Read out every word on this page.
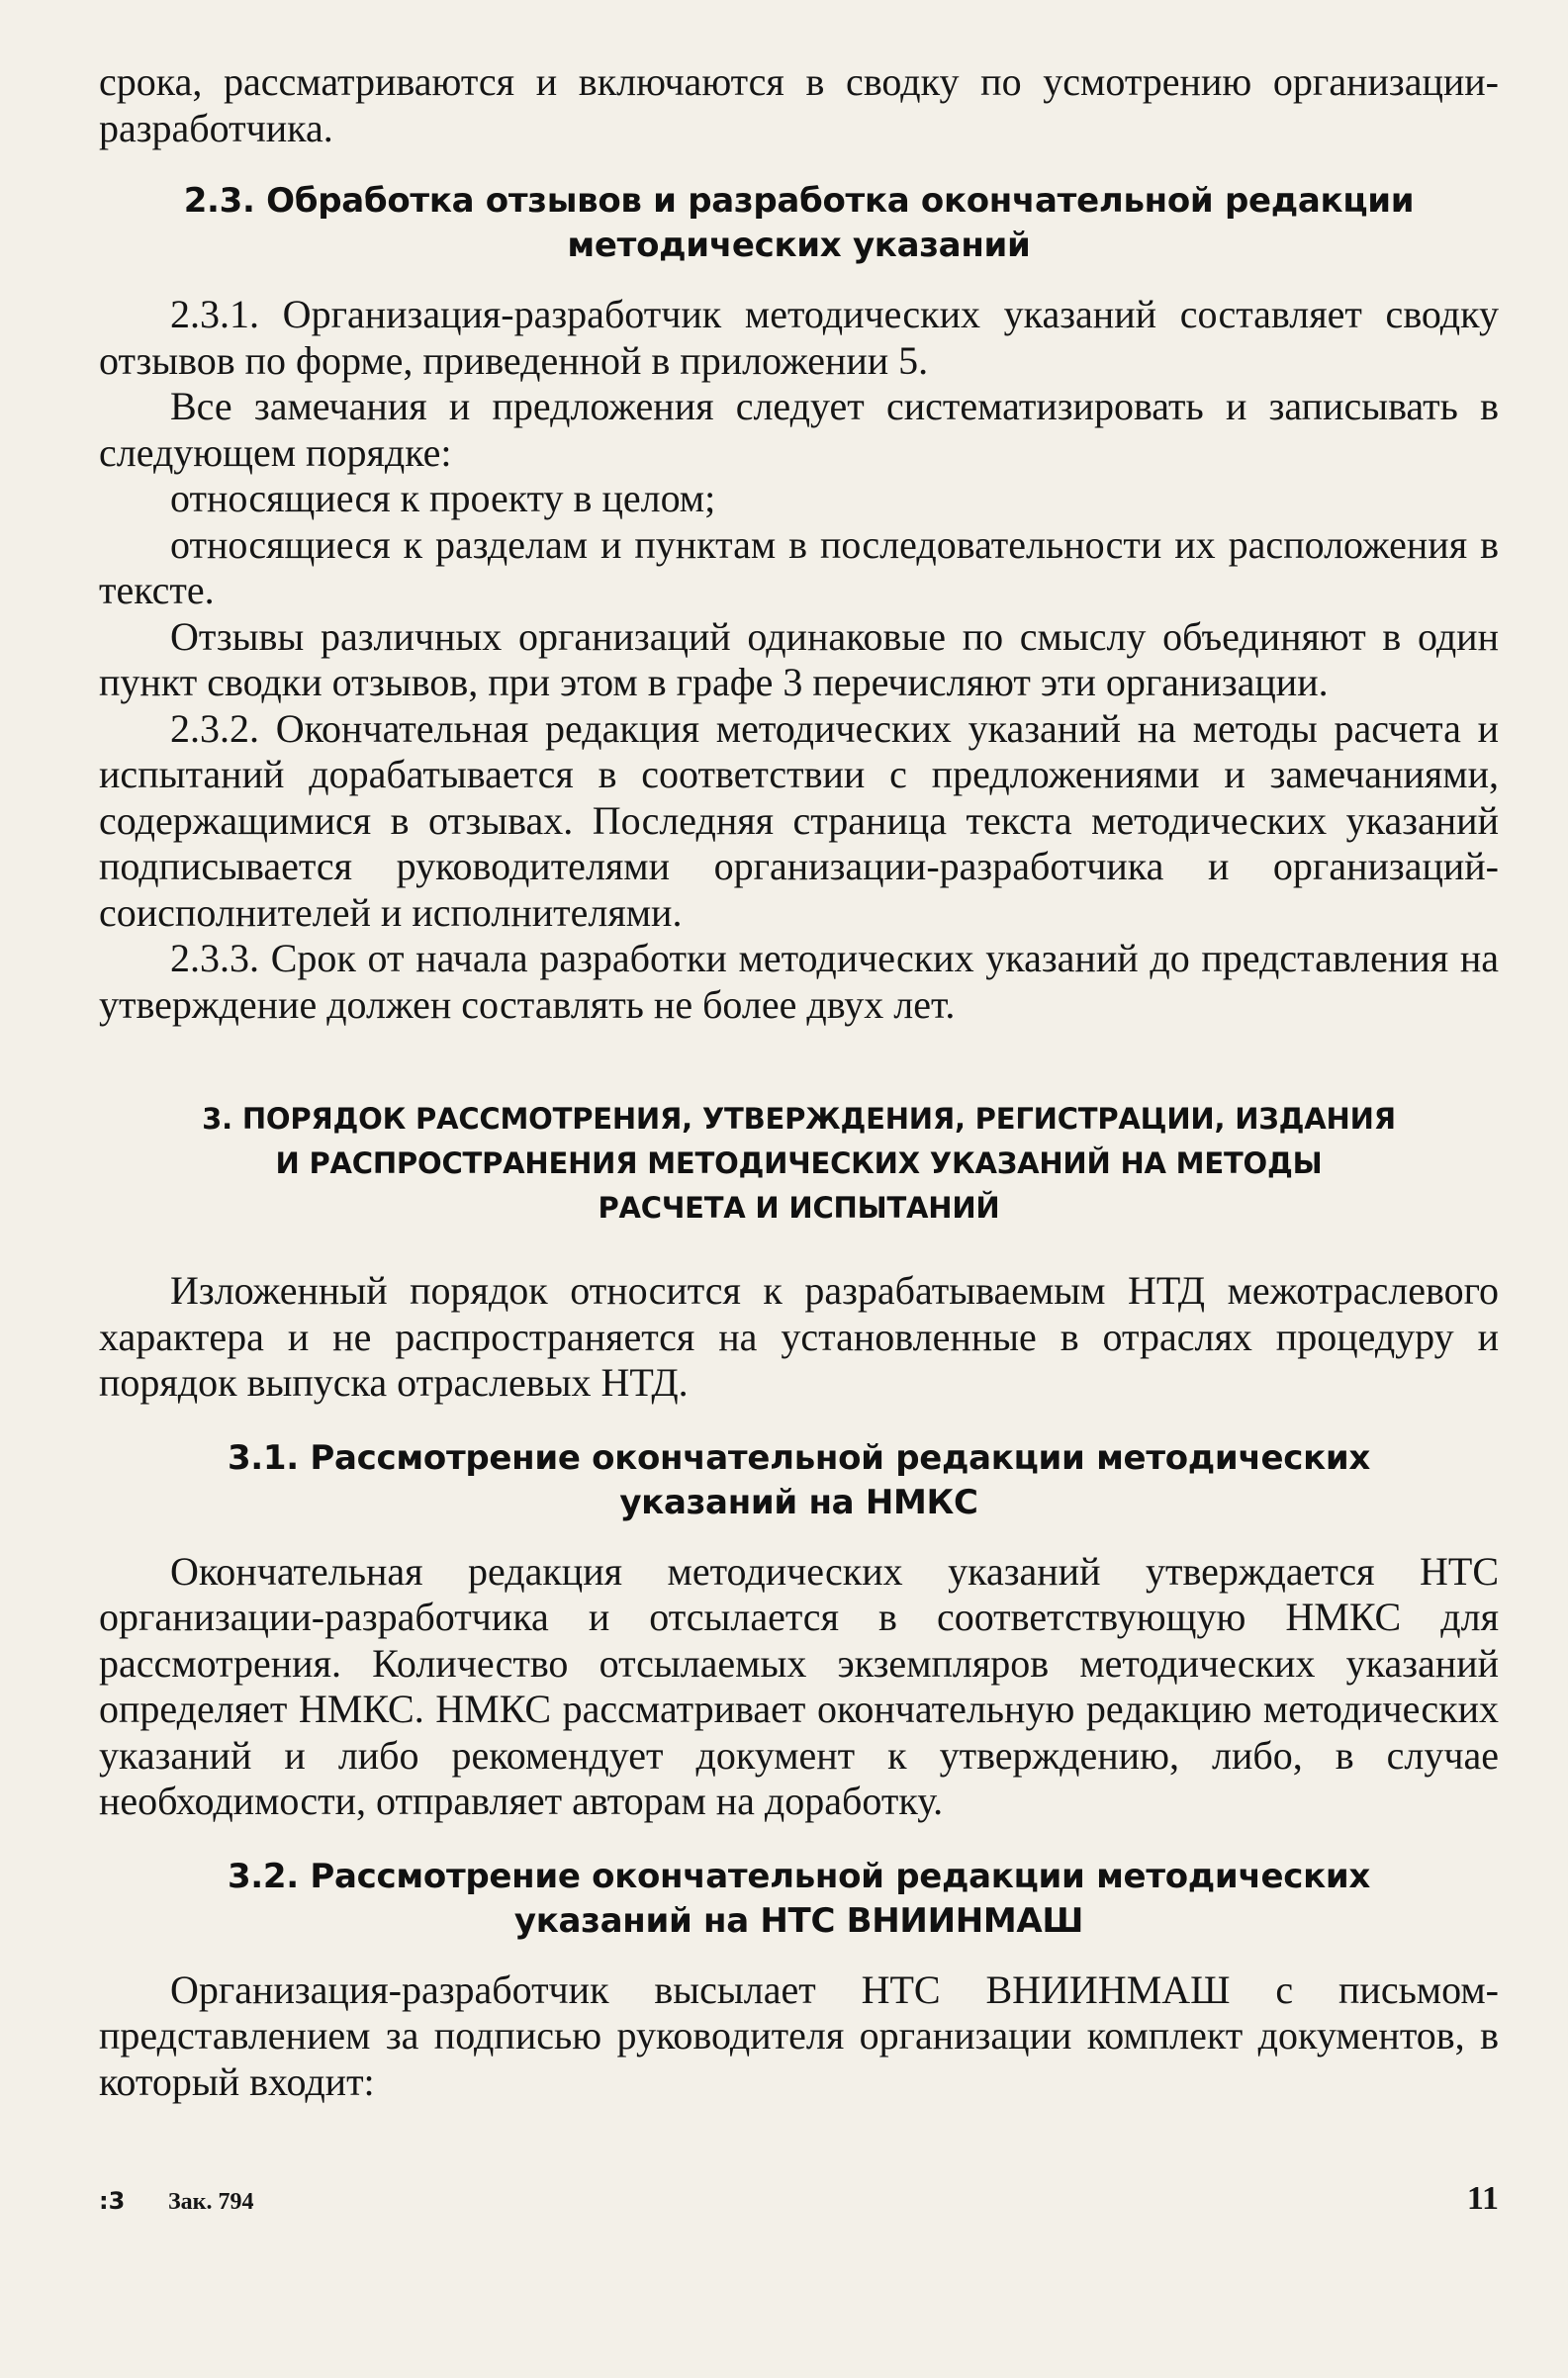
срока, рассматриваются и включаются в сводку по усмотрению организации-разработчика.

2.3. Обработка отзывов и разработка окончательной редакции
методических указаний

2.3.1. Организация-разработчик методических указаний составляет сводку отзывов по форме, приведенной в приложении 5.

Все замечания и предложения следует систематизировать и записывать в следующем порядке:

относящиеся к проекту в целом;

относящиеся к разделам и пунктам в последовательности их расположения в тексте.

Отзывы различных организаций одинаковые по смыслу объединяют в один пункт сводки отзывов, при этом в графе 3 перечисляют эти организации.

2.3.2. Окончательная редакция методических указаний на методы расчета и испытаний дорабатывается в соответствии с предложениями и замечаниями, содержащимися в отзывах. Последняя страница текста методических указаний подписывается руководителями организации-разработчика и организаций-соисполнителей и исполнителями.

2.3.3. Срок от начала разработки методических указаний до представления на утверждение должен составлять не более двух лет.

3. ПОРЯДОК РАССМОТРЕНИЯ, УТВЕРЖДЕНИЯ, РЕГИСТРАЦИИ, ИЗДАНИЯ
И РАСПРОСТРАНЕНИЯ МЕТОДИЧЕСКИХ УКАЗАНИЙ НА МЕТОДЫ
РАСЧЕТА И ИСПЫТАНИЙ

Изложенный порядок относится к разрабатываемым НТД межотраслевого характера и не распространяется на установленные в отраслях процедуру и порядок выпуска отраслевых НТД.

3.1. Рассмотрение окончательной редакции методических
указаний на НМКС

Окончательная редакция методических указаний утверждается НТС организации-разработчика и отсылается в соответствующую НМКС для рассмотрения. Количество отсылаемых экземпляров методических указаний определяет НМКС. НМКС рассматривает окончательную редакцию методических указаний и либо рекомендует документ к утверждению, либо, в случае необходимости, отправляет авторам на доработку.

3.2. Рассмотрение окончательной редакции методических
указаний на НТС ВНИИНМАШ

Организация-разработчик высылает НТС ВНИИНМАШ с письмом-представлением за подписью руководителя организации комплект документов, в который входит:

:3	Зак. 794	11
